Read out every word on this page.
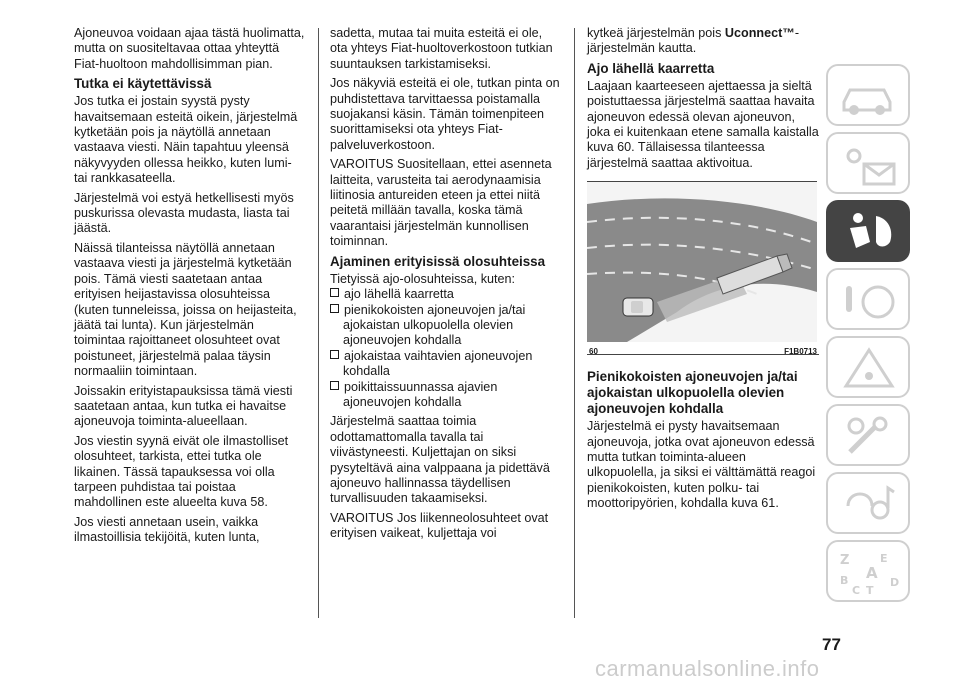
Ajoneuvoa voidaan ajaa tästä huolimatta, mutta on suositeltavaa ottaa yhteyttä Fiat-huoltoon mahdollisimman pian.

Tutka ei käytettävissä

Jos tutka ei jostain syystä pysty havaitsemaan esteitä oikein, järjestelmä kytketään pois ja näytöllä annetaan vastaava viesti. Näin tapahtuu yleensä näkyvyyden ollessa heikko, kuten lumi- tai rankkasateella.

Järjestelmä voi estyä hetkellisesti myös puskurissa olevasta mudasta, liasta tai jäästä.

Näissä tilanteissa näytöllä annetaan vastaava viesti ja järjestelmä kytketään pois. Tämä viesti saatetaan antaa erityisen heijastavissa olosuhteissa (kuten tunneleissa, joissa on heijasteita, jäätä tai lunta). Kun järjestelmän toimintaa rajoittaneet olosuhteet ovat poistuneet, järjestelmä palaa täysin normaaliin toimintaan.

Joissakin erityistapauksissa tämä viesti saatetaan antaa, kun tutka ei havaitse ajoneuvoja toiminta-alueellaan.

Jos viestin syynä eivät ole ilmastolliset olosuhteet, tarkista, ettei tutka ole likainen. Tässä tapauksessa voi olla tarpeen puhdistaa tai poistaa mahdollinen este alueelta kuva 58.

Jos viesti annetaan usein, vaikka ilmastoillisia tekijöitä, kuten lunta,

sadetta, mutaa tai muita esteitä ei ole, ota yhteys Fiat-huoltoverkostoon tutkian suuntauksen tarkistamiseksi.

Jos näkyviä esteitä ei ole, tutkan pinta on puhdistettava tarvittaessa poistamalla suojakansi käsin. Tämän toimenpiteen suorittamiseksi ota yhteys Fiat-palveluverkostoon.

VAROITUS Suositellaan, ettei asenneta laitteita, varusteita tai aerodynaamisia liitinosia antureiden eteen ja ettei niitä peitetä millään tavalla, koska tämä vaarantaisi järjestelmän kunnollisen toiminnan.

Ajaminen erityisissä olosuhteissa

Tietyissä ajo-olosuhteissa, kuten:

ajo lähellä kaarretta

pienikokoisten ajoneuvojen ja/tai ajokaistan ulkopuolella olevien ajoneuvojen kohdalla

ajokaistaa vaihtavien ajoneuvojen kohdalla

poikittaissuunnassa ajavien ajoneuvojen kohdalla

Järjestelmä saattaa toimia odottamattomalla tavalla tai viivästyneesti. Kuljettajan on siksi pysyteltävä aina valppaana ja pidettävä ajoneuvo hallinnassa täydellisen turvallisuuden takaamiseksi.

VAROITUS Jos liikenneolosuhteet ovat erityisen vaikeat, kuljettaja voi

kytkeä järjestelmän pois Uconnect™-järjestelmän kautta.

Ajo lähellä kaarretta

Laajaan kaarteeseen ajettaessa ja sieltä poistuttaessa järjestelmä saattaa havaita ajoneuvon edessä olevan ajoneuvon, joka ei kuitenkaan etene samalla kaistalla kuva 60. Tällaisessa tilanteessa järjestelmä saattaa aktivoitua.

60	F1B0713
Pienikokoisten ajoneuvojen ja/tai ajokaistan ulkopuolella olevien ajoneuvojen kohdalla

Järjestelmä ei pysty havaitsemaan ajoneuvoja, jotka ovat ajoneuvon edessä mutta tutkan toiminta-alueen ulkopuolella, ja siksi ei välttämättä reagoi pienikokoisten, kuten polku- tai moottoripyörien, kohdalla kuva 61.

Z	E
A
B
C T
D
77
carmanualsonline.info
